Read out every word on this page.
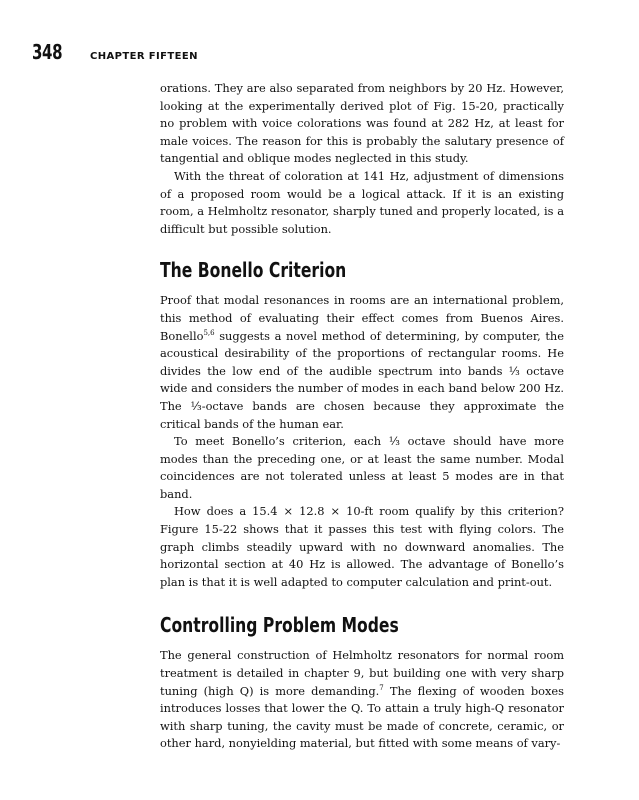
348	CHAPTER FIFTEEN

orations. They are also separated from neighbors by 20 Hz. However, looking at the experimentally derived plot of Fig. 15-20, practically no problem with voice colorations was found at 282 Hz, at least for male voices. The reason for this is probably the salutary presence of tangential and oblique modes neglected in this study.

With the threat of coloration at 141 Hz, adjustment of dimensions of a proposed room would be a logical attack. If it is an existing room, a Helmholtz resonator, sharply tuned and properly located, is a difficult but possible solution.

The Bonello Criterion

Proof that modal resonances in rooms are an international problem, this method of evaluating their effect comes from Buenos Aires. Bonello$^{5,6}$ suggests a novel method of determining, by computer, the acoustical desirability of the proportions of rectangular rooms. He divides the low end of the audible spectrum into bands ⅓ octave wide and considers the number of modes in each band below 200 Hz. The ⅓-octave bands are chosen because they approximate the critical bands of the human ear.

To meet Bonello’s criterion, each ⅓ octave should have more modes than the preceding one, or at least the same number. Modal coincidences are not tolerated unless at least 5 modes are in that band.

How does a 15.4 × 12.8 × 10-ft room qualify by this criterion? Figure 15-22 shows that it passes this test with flying colors. The graph climbs steadily upward with no downward anomalies. The horizontal section at 40 Hz is allowed. The advantage of Bonello’s plan is that it is well adapted to computer calculation and print-out.

Controlling Problem Modes

The general construction of Helmholtz resonators for normal room treatment is detailed in chapter 9, but building one with very sharp tuning (high Q) is more demanding.$^7$ The flexing of wooden boxes introduces losses that lower the Q. To attain a truly high-Q resonator with sharp tuning, the cavity must be made of concrete, ceramic, or other hard, nonyielding material, but fitted with some means of vary-
